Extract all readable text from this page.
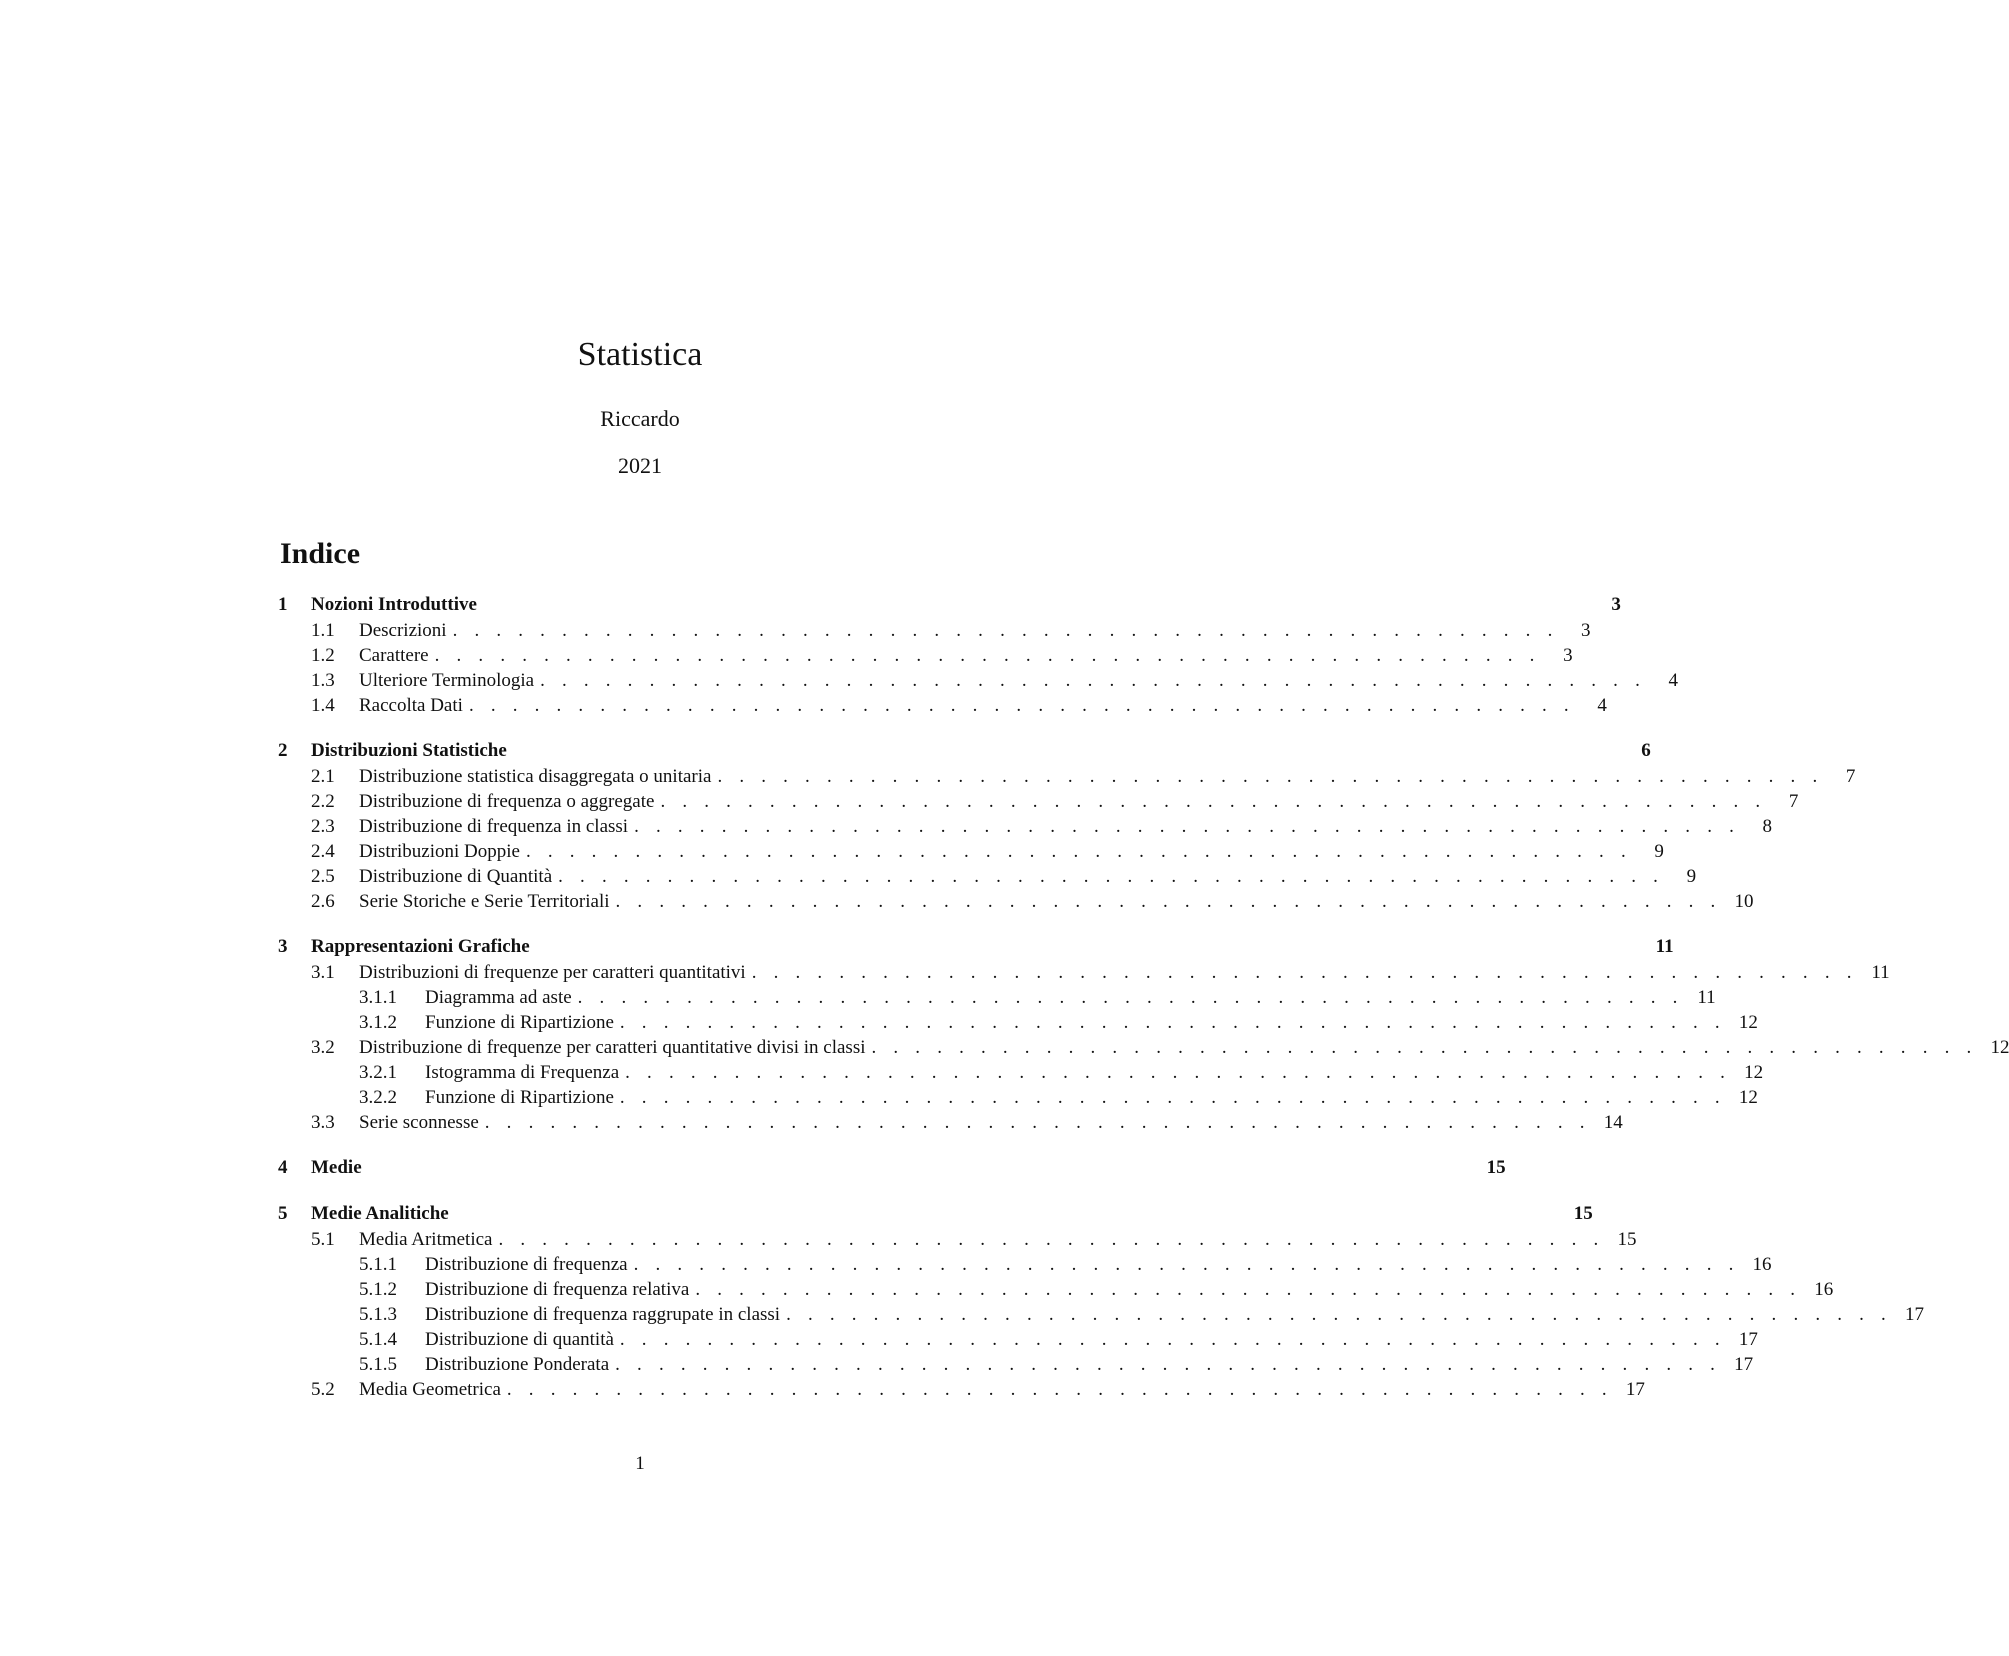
Statistica
Riccardo
2021
Indice
1	Nozioni Introduttive	3
1.1	Descrizioni . . . . . . . . . . . . . . . . . . . . . . . . . . . . . . . . . . . . . . . . . . . . . . . . . . .	3
1.2	Carattere . . . . . . . . . . . . . . . . . . . . . . . . . . . . . . . . . . . . . . . . . . . . . . . . . . .	3
1.3	Ulteriore Terminologia . . . . . . . . . . . . . . . . . . . . . . . . . . . . . . . . . . . . . . . . . . . . . . . . . . .	4
1.4	Raccolta Dati . . . . . . . . . . . . . . . . . . . . . . . . . . . . . . . . . . . . . . . . . . . . . . . . . . .	4
2	Distribuzioni Statistiche	6
2.1	Distribuzione statistica disaggregata o unitaria . . . . . . . . . . . . . . . . . . . . . . . . . . . . . . . . . . . . . . . . . . . . . . . . . . .	7
2.2	Distribuzione di frequenza o aggregate . . . . . . . . . . . . . . . . . . . . . . . . . . . . . . . . . . . . . . . . . . . . . . . . . . .	7
2.3	Distribuzione di frequenza in classi . . . . . . . . . . . . . . . . . . . . . . . . . . . . . . . . . . . . . . . . . . . . . . . . . . .	8
2.4	Distribuzioni Doppie . . . . . . . . . . . . . . . . . . . . . . . . . . . . . . . . . . . . . . . . . . . . . . . . . . .	9
2.5	Distribuzione di Quantità . . . . . . . . . . . . . . . . . . . . . . . . . . . . . . . . . . . . . . . . . . . . . . . . . . .	9
2.6	Serie Storiche e Serie Territoriali . . . . . . . . . . . . . . . . . . . . . . . . . . . . . . . . . . . . . . . . . . . . . . . . . . . 10
3	Rappresentazioni Grafiche	11
3.1	Distribuzioni di frequenze per caratteri quantitativi . . . . . . . . . . . . . . . . . . . . . . . . . . . . . . . . . . . . . . . . . . . . . . . . . . . 11
3.1.1	Diagramma ad aste . . . . . . . . . . . . . . . . . . . . . . . . . . . . . . . . . . . . . . . . . . . . . . . . . . . 11
3.1.2	Funzione di Ripartizione . . . . . . . . . . . . . . . . . . . . . . . . . . . . . . . . . . . . . . . . . . . . . . . . . . . 12
3.2	Distribuzione di frequenze per caratteri quantitative divisi in classi . . . . . . . . . . . . . . . . . . . . . . . . . . . . . . . . . . . . . . . . . . . . . . . . . . . 12
3.2.1	Istogramma di Frequenza . . . . . . . . . . . . . . . . . . . . . . . . . . . . . . . . . . . . . . . . . . . . . . . . . . . 12
3.2.2	Funzione di Ripartizione . . . . . . . . . . . . . . . . . . . . . . . . . . . . . . . . . . . . . . . . . . . . . . . . . . . 12
3.3	Serie sconnesse . . . . . . . . . . . . . . . . . . . . . . . . . . . . . . . . . . . . . . . . . . . . . . . . . . . 14
4	Medie	15
5	Medie Analitiche	15
5.1	Media Aritmetica . . . . . . . . . . . . . . . . . . . . . . . . . . . . . . . . . . . . . . . . . . . . . . . . . . . 15
5.1.1	Distribuzione di frequenza . . . . . . . . . . . . . . . . . . . . . . . . . . . . . . . . . . . . . . . . . . . . . . . . . . . 16
5.1.2	Distribuzione di frequenza relativa . . . . . . . . . . . . . . . . . . . . . . . . . . . . . . . . . . . . . . . . . . . . . . . . . . . 16
5.1.3	Distribuzione di frequenza raggrupate in classi . . . . . . . . . . . . . . . . . . . . . . . . . . . . . . . . . . . . . . . . . . . . . . . . . . . 17
5.1.4	Distribuzione di quantità . . . . . . . . . . . . . . . . . . . . . . . . . . . . . . . . . . . . . . . . . . . . . . . . . . . 17
5.1.5	Distribuzione Ponderata . . . . . . . . . . . . . . . . . . . . . . . . . . . . . . . . . . . . . . . . . . . . . . . . . . . 17
5.2	Media Geometrica . . . . . . . . . . . . . . . . . . . . . . . . . . . . . . . . . . . . . . . . . . . . . . . . . . . 17
1
